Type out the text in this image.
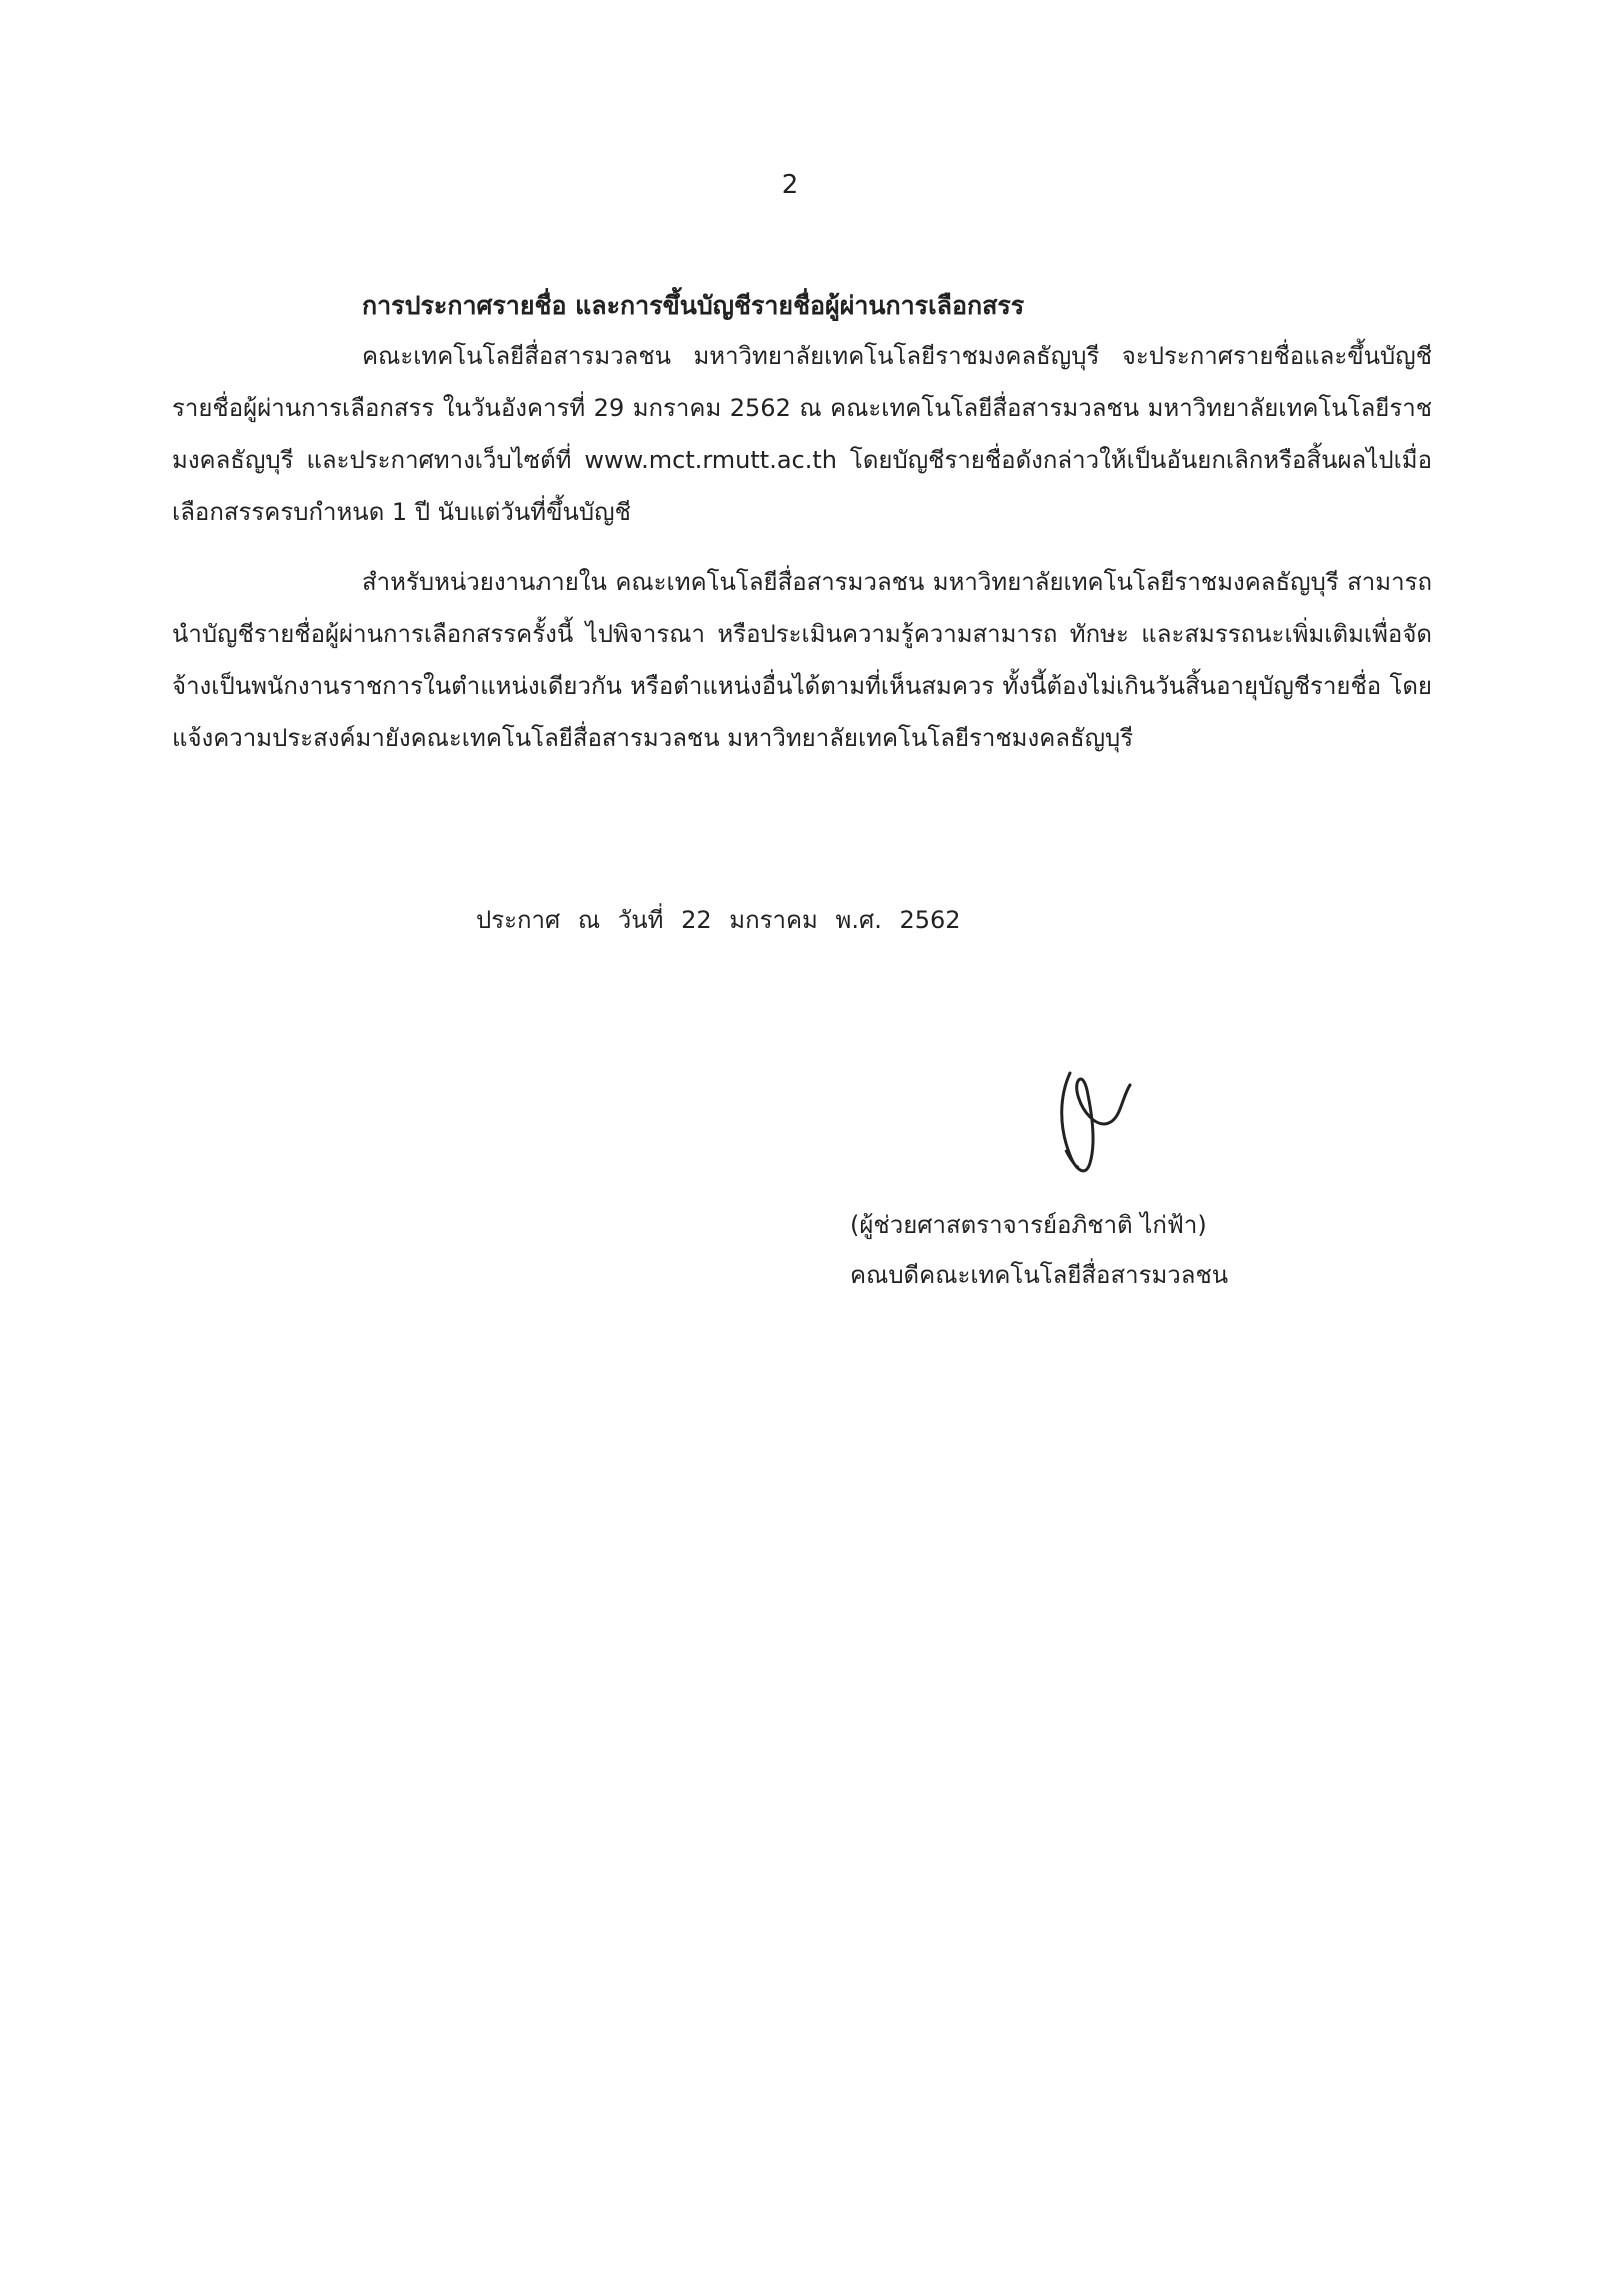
2
การประกาศรายชื่อ และการขึ้นบัญชีรายชื่อผู้ผ่านการเลือกสรร

คณะเทคโนโลยีสื่อสารมวลชน มหาวิทยาลัยเทคโนโลยีราชมงคลธัญบุรี จะประกาศรายชื่อและขึ้นบัญชีรายชื่อผู้ผ่านการเลือกสรร ในวันอังคารที่ 29 มกราคม 2562 ณ คณะเทคโนโลยีสื่อสารมวลชน มหาวิทยาลัยเทคโนโลยีราชมงคลธัญบุรี และประกาศทางเว็บไซต์ที่ www.mct.rmutt.ac.th โดยบัญชีรายชื่อดังกล่าวให้เป็นอันยกเลิกหรือสิ้นผลไปเมื่อเลือกสรรครบกำหนด 1 ปี นับแต่วันที่ขึ้นบัญชี

สำหรับหน่วยงานภายใน คณะเทคโนโลยีสื่อสารมวลชน มหาวิทยาลัยเทคโนโลยีราชมงคลธัญบุรี สามารถนำบัญชีรายชื่อผู้ผ่านการเลือกสรรครั้งนี้ ไปพิจารณา หรือประเมินความรู้ความสามารถ ทักษะ และสมรรถนะเพิ่มเติมเพื่อจัดจ้างเป็นพนักงานราชการในตำแหน่งเดียวกัน หรือตำแหน่งอื่นได้ตามที่เห็นสมควร ทั้งนี้ต้องไม่เกินวันสิ้นอายุบัญชีรายชื่อ โดยแจ้งความประสงค์มายังคณะเทคโนโลยีสื่อสารมวลชน มหาวิทยาลัยเทคโนโลยีราชมงคลธัญบุรี

ประกาศ ณ วันที่ 22 มกราคม พ.ศ. 2562
(ผู้ช่วยศาสตราจารย์อภิชาติ ไก่ฟ้า)
คณบดีคณะเทคโนโลยีสื่อสารมวลชน
